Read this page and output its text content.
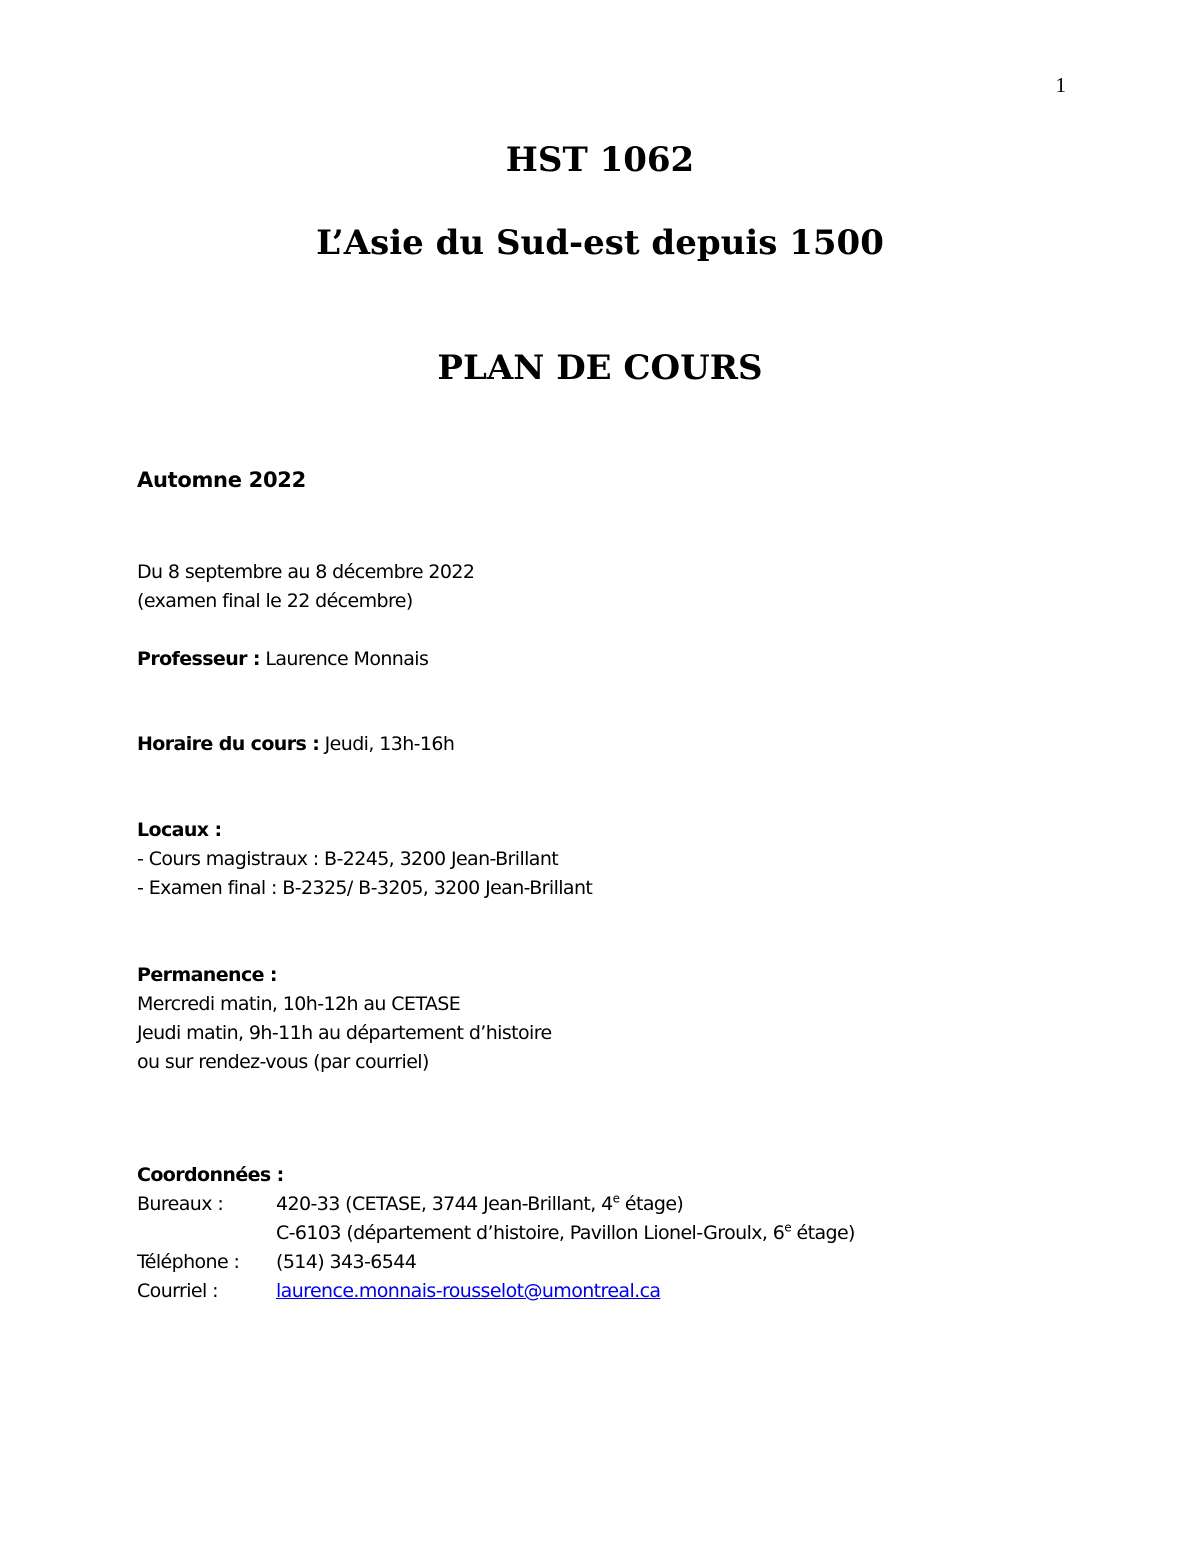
1
HST 1062
L’Asie du Sud-est depuis 1500
PLAN DE COURS
Automne 2022
Du 8 septembre au 8 décembre 2022
(examen final le 22 décembre)
Professeur : Laurence Monnais
Horaire du cours : Jeudi, 13h-16h
Locaux :
- Cours magistraux : B-2245, 3200 Jean-Brillant
- Examen final : B-2325/ B-3205, 3200 Jean-Brillant
Permanence :
Mercredi matin, 10h-12h au CETASE
Jeudi matin, 9h-11h au département d’histoire
ou sur rendez-vous (par courriel)
Coordonnées :
Bureaux :	420-33 (CETASE, 3744 Jean-Brillant, 4e étage)
C-6103 (département d’histoire, Pavillon Lionel-Groulx, 6e étage)
Téléphone : (514) 343-6544
Courriel :	laurence.monnais-rousselot@umontreal.ca
